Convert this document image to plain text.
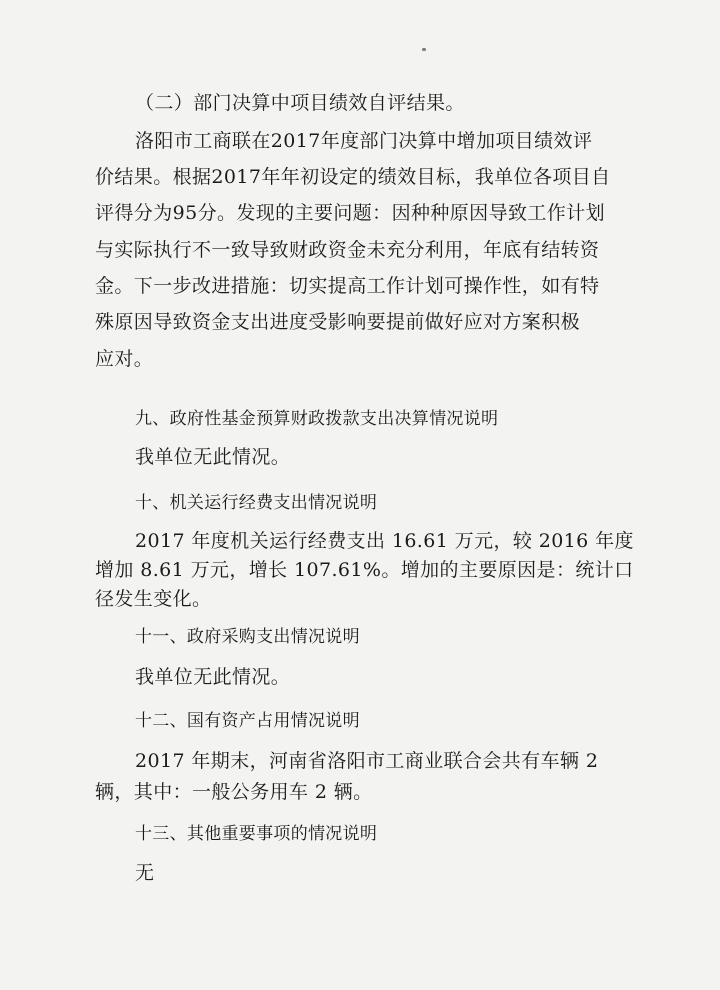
（二）部门决算中项目绩效自评结果。
洛阳市工商联在2017年度部门决算中增加项目绩效评
价结果。根据2017年年初设定的绩效目标，我单位各项目自
评得分为95分。发现的主要问题：因种种原因导致工作计划
与实际执行不一致导致财政资金未充分利用，年底有结转资
金。下一步改进措施：切实提高工作计划可操作性，如有特
殊原因导致资金支出进度受影响要提前做好应对方案积极
应对。
九、政府性基金预算财政拨款支出决算情况说明
我单位无此情况。
十、机关运行经费支出情况说明
2017 年度机关运行经费支出 16.61 万元，较 2016 年度
增加 8.61 万元，增长 107.61%。增加的主要原因是：统计口
径发生变化。
十一、政府采购支出情况说明
我单位无此情况。
十二、国有资产占用情况说明
2017 年期末，河南省洛阳市工商业联合会共有车辆 2
辆，其中：一般公务用车 2 辆。
十三、其他重要事项的情况说明
无
